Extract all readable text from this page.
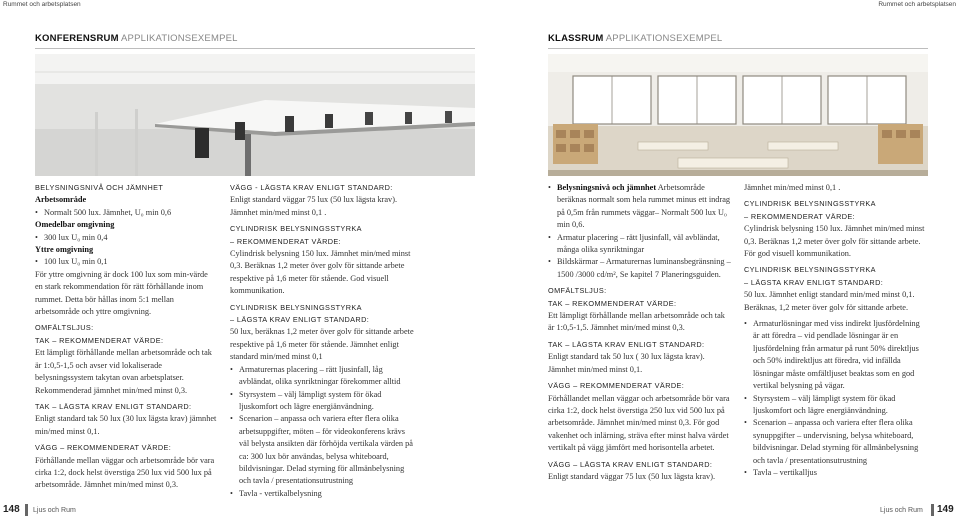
Rummet och arbetsplatsen	Rummet och arbetsplatsen
KONFERENSRUM APPLIKATIONSEXEMPEL	KLASSRUM APPLIKATIONSEXEMPEL

BELYSNINGSNIVÅ OCH JÄMNHET

Arbetsområde

• Normalt 500 lux. Jämnhet, U₀ min 0,6

Omedelbar omgivning

• 300 lux U₀ min 0,4

Yttre omgivning

• 100 lux U₀ min 0,1

För yttre omgivning är dock 100 lux som min-värde en stark rekommendation för rätt förhållande inom rummet. Detta bör hållas inom 5:1 mellan arbetsområde och yttre omgivning.

OMFÄLTSLJUS:

TAK – REKOMMENDERAT VÄRDE:

Ett lämpligt förhållande mellan arbetsområde och tak är 1:0,5-1,5 och avser vid lokaliserade belysningssystem takytan ovan arbetsplatser. Rekommenderad jämnhet min/med minst 0,3.

TAK – LÄGSTA KRAV ENLIGT STANDARD:

Enligt standard tak 50 lux (30 lux lägsta krav) jämnhet min/med minst 0,1.

VÄGG – REKOMMENDERAT VÄRDE:

Förhållande mellan väggar och arbetsområde bör vara cirka 1:2, dock helst överstiga 250 lux vid 500 lux på arbetsområde. Jämnhet min/med minst 0,3.

VÄGG - LÄGSTA KRAV ENLIGT STANDARD:

Enligt standard väggar 75 lux (50 lux lägsta krav). Jämnhet min/med minst 0,1 .

CYLINDRISK BELYSNINGSSTYRKA

– REKOMMENDERAT VÄRDE:

Cylindrisk belysning 150 lux. Jämnhet min/med minst 0,3. Beräknas 1,2 meter över golv för sittande arbete respektive på 1,6 meter för stående. God visuell kommunikation.

CYLINDRISK BELYSNINGSSTYRKA

– LÄGSTA KRAV ENLIGT STANDARD:

50 lux, beräknas 1,2 meter över golv för sittande arbete respektive på 1,6 meter för stående. Jämnhet enligt standard min/med minst 0,1

• Armaturernas placering – rätt ljusinfall, låg avbländat, olika synriktningar förekommer alltid
• Styrsystem – välj lämpligt system för ökad ljuskomfort och lägre energiänvändning.
• Scenarion – anpassa och variera efter flera olika arbetsuppgifter, möten – för videokonferens krävs väl belysta ansikten där förhöjda vertikala värden på ca: 300 lux bör användas, belysa whiteboard, bildvisningar. Delad styrning för allmänbelysning och tavla / presentationsutrustning
• Tavla - vertikalbelysning
• Belysningsnivå och jämnhet Arbetsområde beräknas normalt som hela rummet minus ett indrag på 0,5m från rummets väggar– Normalt 500 lux U₀ min 0,6.
• Armatur placering – rätt ljusinfall, väl avbländat, många olika synriktningar
• Bildskärmar – Armaturernas luminansbegränsning – 1500 /3000 cd/m², Se kapitel 7 Planeringsguiden.

OMFÄLTSLJUS:

TAK – REKOMMENDERAT VÄRDE:

Ett lämpligt förhållande mellan arbetsområde och tak är 1:0,5-1,5. Jämnhet min/med minst 0,3.

TAK – LÄGSTA KRAV ENLIGT STANDARD:

Enligt standard tak 50 lux ( 30 lux lägsta krav). Jämnhet min/med minst 0,1.

VÄGG – REKOMMENDERAT VÄRDE:

Förhållandet mellan väggar och arbetsområde bör vara cirka 1:2, dock helst överstiga 250 lux vid 500 lux på arbetsområde. Jämnhet min/med minst 0,3. För god vakenhet och inlärning, sträva efter minst halva värdet vertikalt på vägg jämfört med horisontella arbetet.

VÄGG – LÄGSTA KRAV ENLIGT STANDARD:

Enligt standard väggar 75 lux (50 lux lägsta krav).

Jämnhet min/med minst 0,1 .

CYLINDRISK BELYSNINGSSTYRKA

– REKOMMENDERAT VÄRDE:

Cylindrisk belysning 150 lux. Jämnhet min/med minst 0,3. Beräknas 1,2 meter över golv för sittande arbete. För god visuell kommunikation.

CYLINDRISK BELYSNINGSSTYRKA

– LÄGSTA KRAV ENLIGT STANDARD:

50 lux. Jämnhet enligt standard min/med minst 0,1. Beräknas, 1,2 meter över golv för sittande arbete.

• Armaturlösningar med viss indirekt ljusfördelning är att föredra – vid pendlade lösningar är en ljusfördelning från armatur på runt 50% direktljus och 50% indirektljus att föredra, vid infällda lösningar måste omfältljuset beaktas som en god vertikal belysning på vägar.
• Styrsystem – välj lämpligt system för ökad ljuskomfort och lägre energiänvändning.
• Scenarion – anpassa och variera efter flera olika synuppgifter – undervisning, belysa whiteboard, bildvisningar. Delad styrning för allmänbelysning och tavla / presentationsutrustning
• Tavla – vertikalljus
148 Ljus och Rum	Ljus och Rum 149
